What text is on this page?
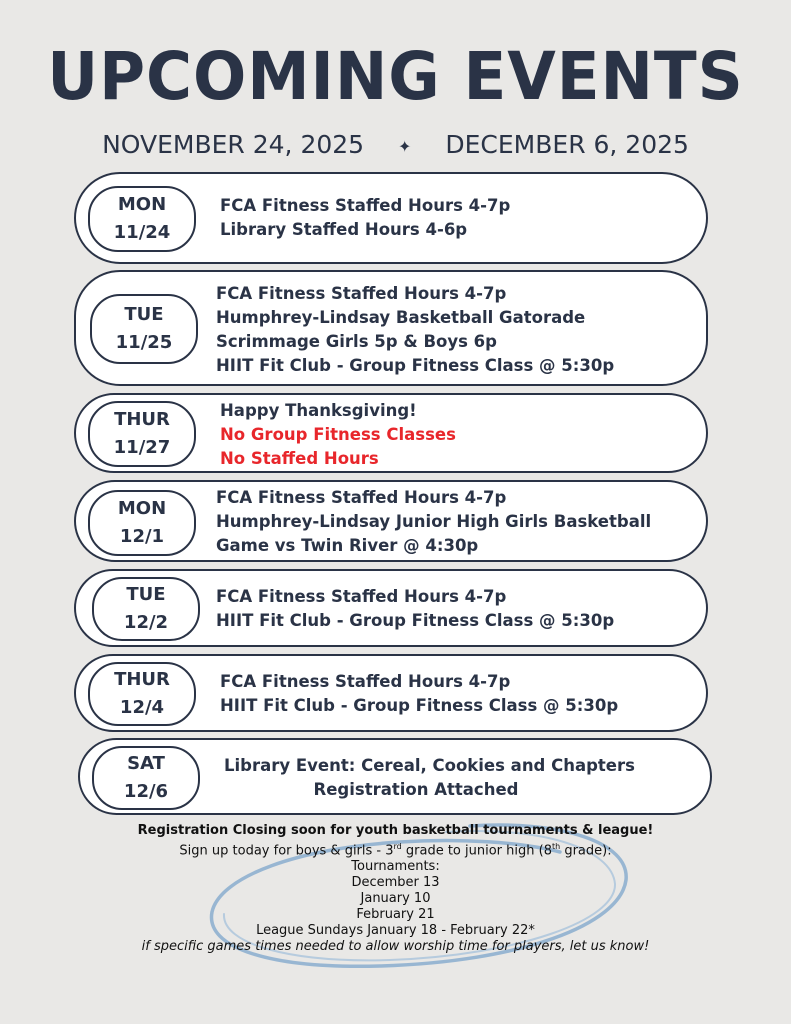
UPCOMING EVENTS
NOVEMBER 24, 2025 ✦ DECEMBER 6, 2025
MON
11/24
FCA Fitness Staffed Hours 4-7p
Library Staffed Hours 4-6p
TUE
11/25
FCA Fitness Staffed Hours 4-7p
Humphrey-Lindsay Basketball Gatorade
Scrimmage Girls 5p & Boys 6p
HIIT Fit Club - Group Fitness Class @ 5:30p
THUR
11/27
Happy Thanksgiving!
No Group Fitness Classes
No Staffed Hours
MON
12/1
FCA Fitness Staffed Hours 4-7p
Humphrey-Lindsay Junior High Girls Basketball
Game vs Twin River @ 4:30p
TUE
12/2
FCA Fitness Staffed Hours 4-7p
HIIT Fit Club - Group Fitness Class @ 5:30p
THUR
12/4
FCA Fitness Staffed Hours 4-7p
HIIT Fit Club - Group Fitness Class @ 5:30p
SAT
12/6
Library Event: Cereal, Cookies and Chapters
Registration Attached
Registration Closing soon for youth basketball tournaments & league!
Sign up today for boys & girls - 3rd grade to junior high (8th grade):
Tournaments:
December 13
January 10
February 21
League Sundays January 18 - February 22*
if specific games times needed to allow worship time for players, let us know!
